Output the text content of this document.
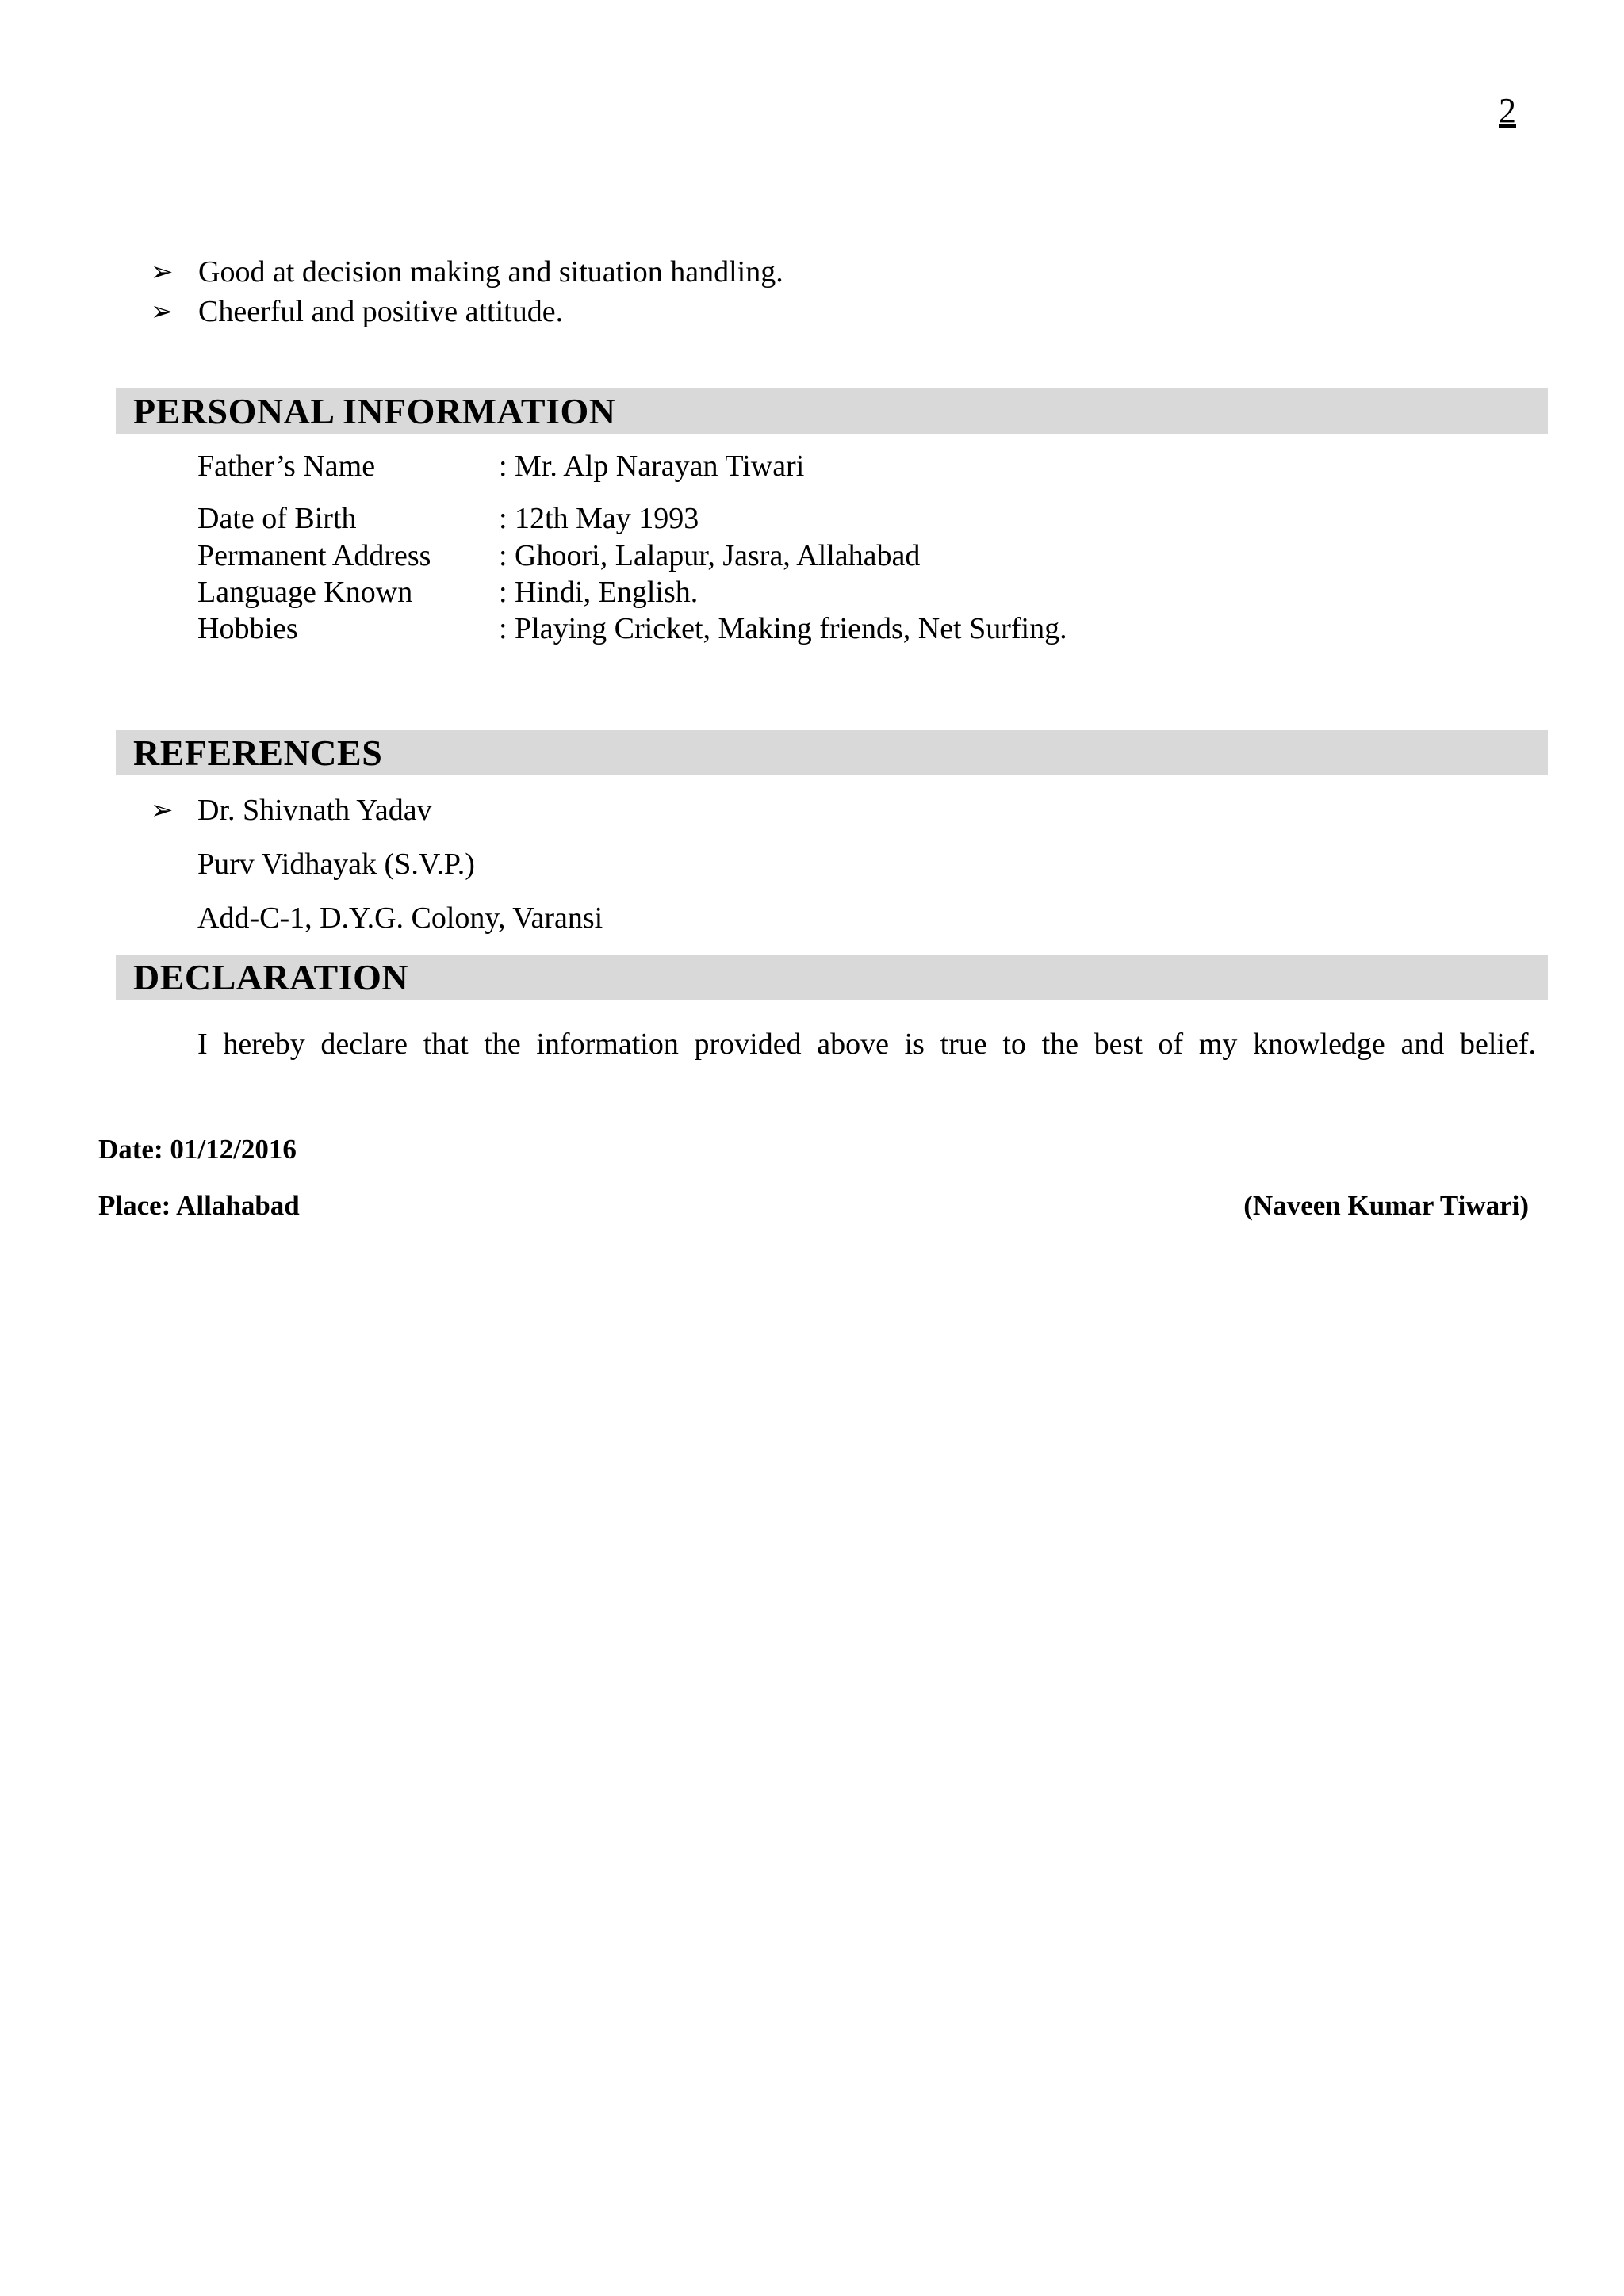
2
➢ Good at decision making and situation handling.
➢ Cheerful and positive attitude.
PERSONAL INFORMATION
Father’s Name	: Mr. Alp Narayan Tiwari
Date of Birth	: 12th May 1993
Permanent Address : Ghoori, Lalapur, Jasra, Allahabad
Language Known	: Hindi, English.
Hobbies	: Playing Cricket, Making friends, Net Surfing.
REFERENCES
➢ Dr. Shivnath Yadav
Purv Vidhayak (S.V.P.)
Add-C-1, D.Y.G. Colony, Varansi
DECLARATION
I hereby declare that the information provided above is true to the best of my knowledge and belief.
Date: 01/12/2016
Place: Allahabad	(Naveen Kumar Tiwari)
